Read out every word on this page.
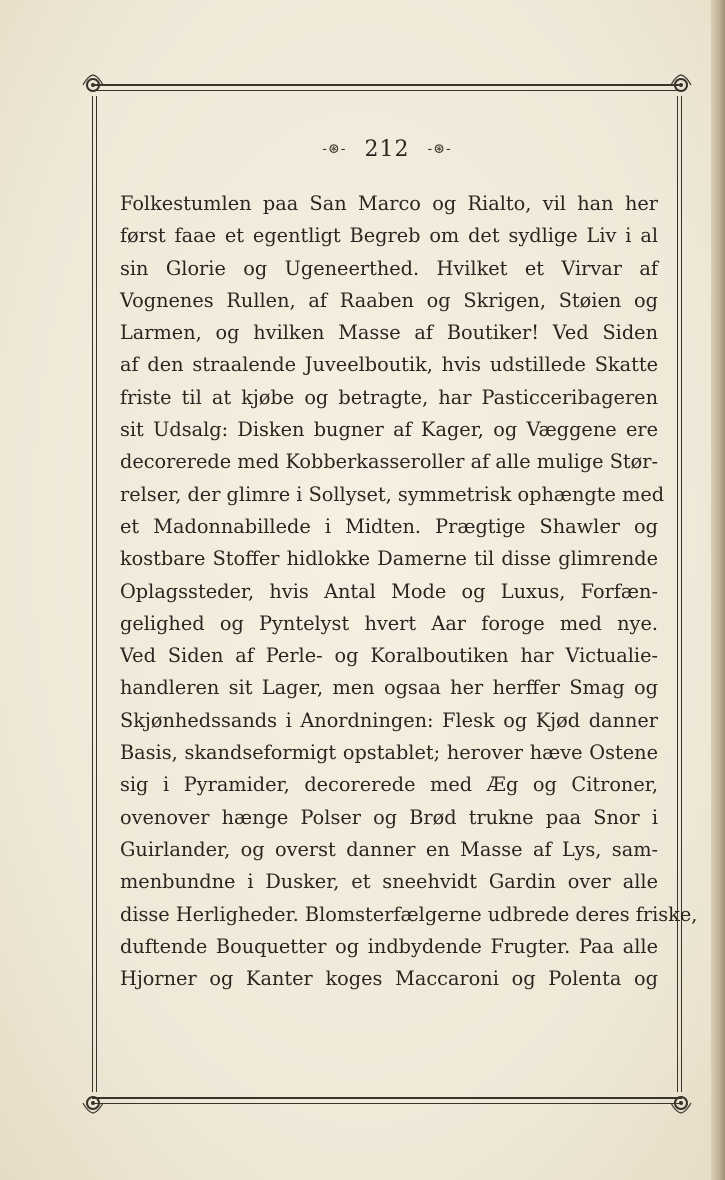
-⊛- 212 -⊛-
Folkestumlen paa San Marco og Rialto, vil han her
først faae et egentligt Begreb om det sydlige Liv i al
sin Glorie og Ugeneerthed. Hvilket et Virvar af
Vognenes Rullen, af Raaben og Skrigen, Støien og
Larmen, og hvilken Masse af Boutiker! Ved Siden
af den straalende Juveelboutik, hvis udstillede Skatte
friste til at kjøbe og betragte, har Pasticceribageren
sit Udsalg: Disken bugner af Kager, og Væggene ere
decorerede med Kobberkasseroller af alle mulige Stør-
relser, der glimre i Sollyset, symmetrisk ophængte med
et Madonnabillede i Midten. Prægtige Shawler og
kostbare Stoffer hidlokke Damerne til disse glimrende
Oplagssteder, hvis Antal Mode og Luxus, Forfæn-
gelighed og Pyntelyst hvert Aar foroge med nye.
Ved Siden af Perle- og Koralboutiken har Victualie-
handleren sit Lager, men ogsaa her herffer Smag og
Skjønhedssands i Anordningen: Flesk og Kjød danner
Basis, skandseformigt opstablet; herover hæve Ostene
sig i Pyramider, decorerede med Æg og Citroner,
ovenover hænge Polser og Brød trukne paa Snor i
Guirlander, og overst danner en Masse af Lys, sam-
menbundne i Dusker, et sneehvidt Gardin over alle
disse Herligheder. Blomsterfælgerne udbrede deres friske,
duftende Bouquetter og indbydende Frugter. Paa alle
Hjorner og Kanter koges Maccaroni og Polenta og
